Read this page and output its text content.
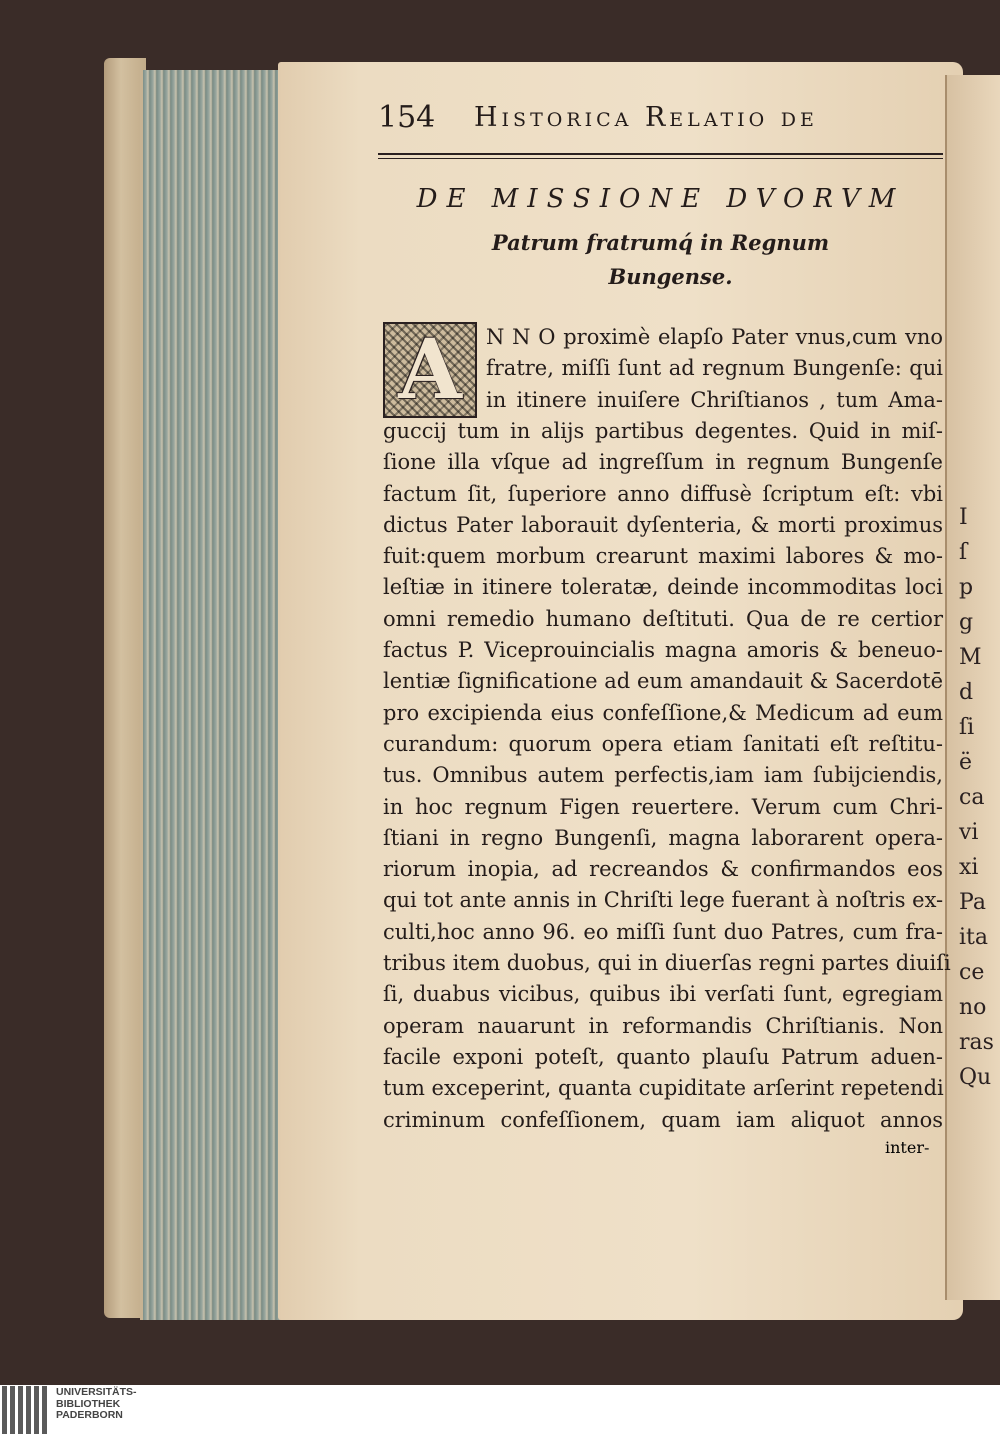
I
ſ
p
g
M
d
ſi
ë
ca
vi
xi
Pa
ita
ce
no
ras
Qu
154 Historica Relatio de
DE MISSIONE DVORVM
Patrum fratrumq́ in Regnum
Bungense.
A	N N O proximè elapſo Pater vnus,cum vno
fratre, miſſi ſunt ad regnum Bungenſe: qui
in itinere inuiſere Chriſtianos , tum Ama-
guccij tum in alijs partibus degentes. Quid in miſ-
ſione illa vſque ad ingreſſum in regnum Bungenſe
factum ſit, ſuperiore anno diffusè ſcriptum eſt: vbi
dictus Pater laborauit dyſenteria, & morti proximus
fuit:quem morbum crearunt maximi labores & mo-
leſtiæ in itinere toleratæ, deinde incommoditas loci
omni remedio humano deſtituti. Qua de re certior
factus P. Viceprouincialis magna amoris & beneuo-
lentiæ ſignificatione ad eum amandauit & Sacerdotē
pro excipienda eius confeſſione,& Medicum ad eum
curandum: quorum opera etiam ſanitati eſt reſtitu-
tus. Omnibus autem perfectis,iam iam ſubijciendis,
in hoc regnum Figen reuertere. Verum cum Chri-
ſtiani in regno Bungenſi, magna laborarent opera-
riorum inopia, ad recreandos & confirmandos eos
qui tot ante annis in Chriſti lege fuerant à noſtris ex-
culti,hoc anno 96. eo miſſi ſunt duo Patres, cum fra-
tribus item duobus, qui in diuerſas regni partes diuiſi
ſi, duabus vicibus, quibus ibi verſati ſunt, egregiam
operam nauarunt in reformandis Chriſtianis. Non
facile exponi poteſt, quanto plauſu Patrum aduen-
tum exceperint, quanta cupiditate arſerint repetendi
criminum confeſſionem, quam iam aliquot annos
inter-
UNIVERSITÄTS-
BIBLIOTHEK
PADERBORN
